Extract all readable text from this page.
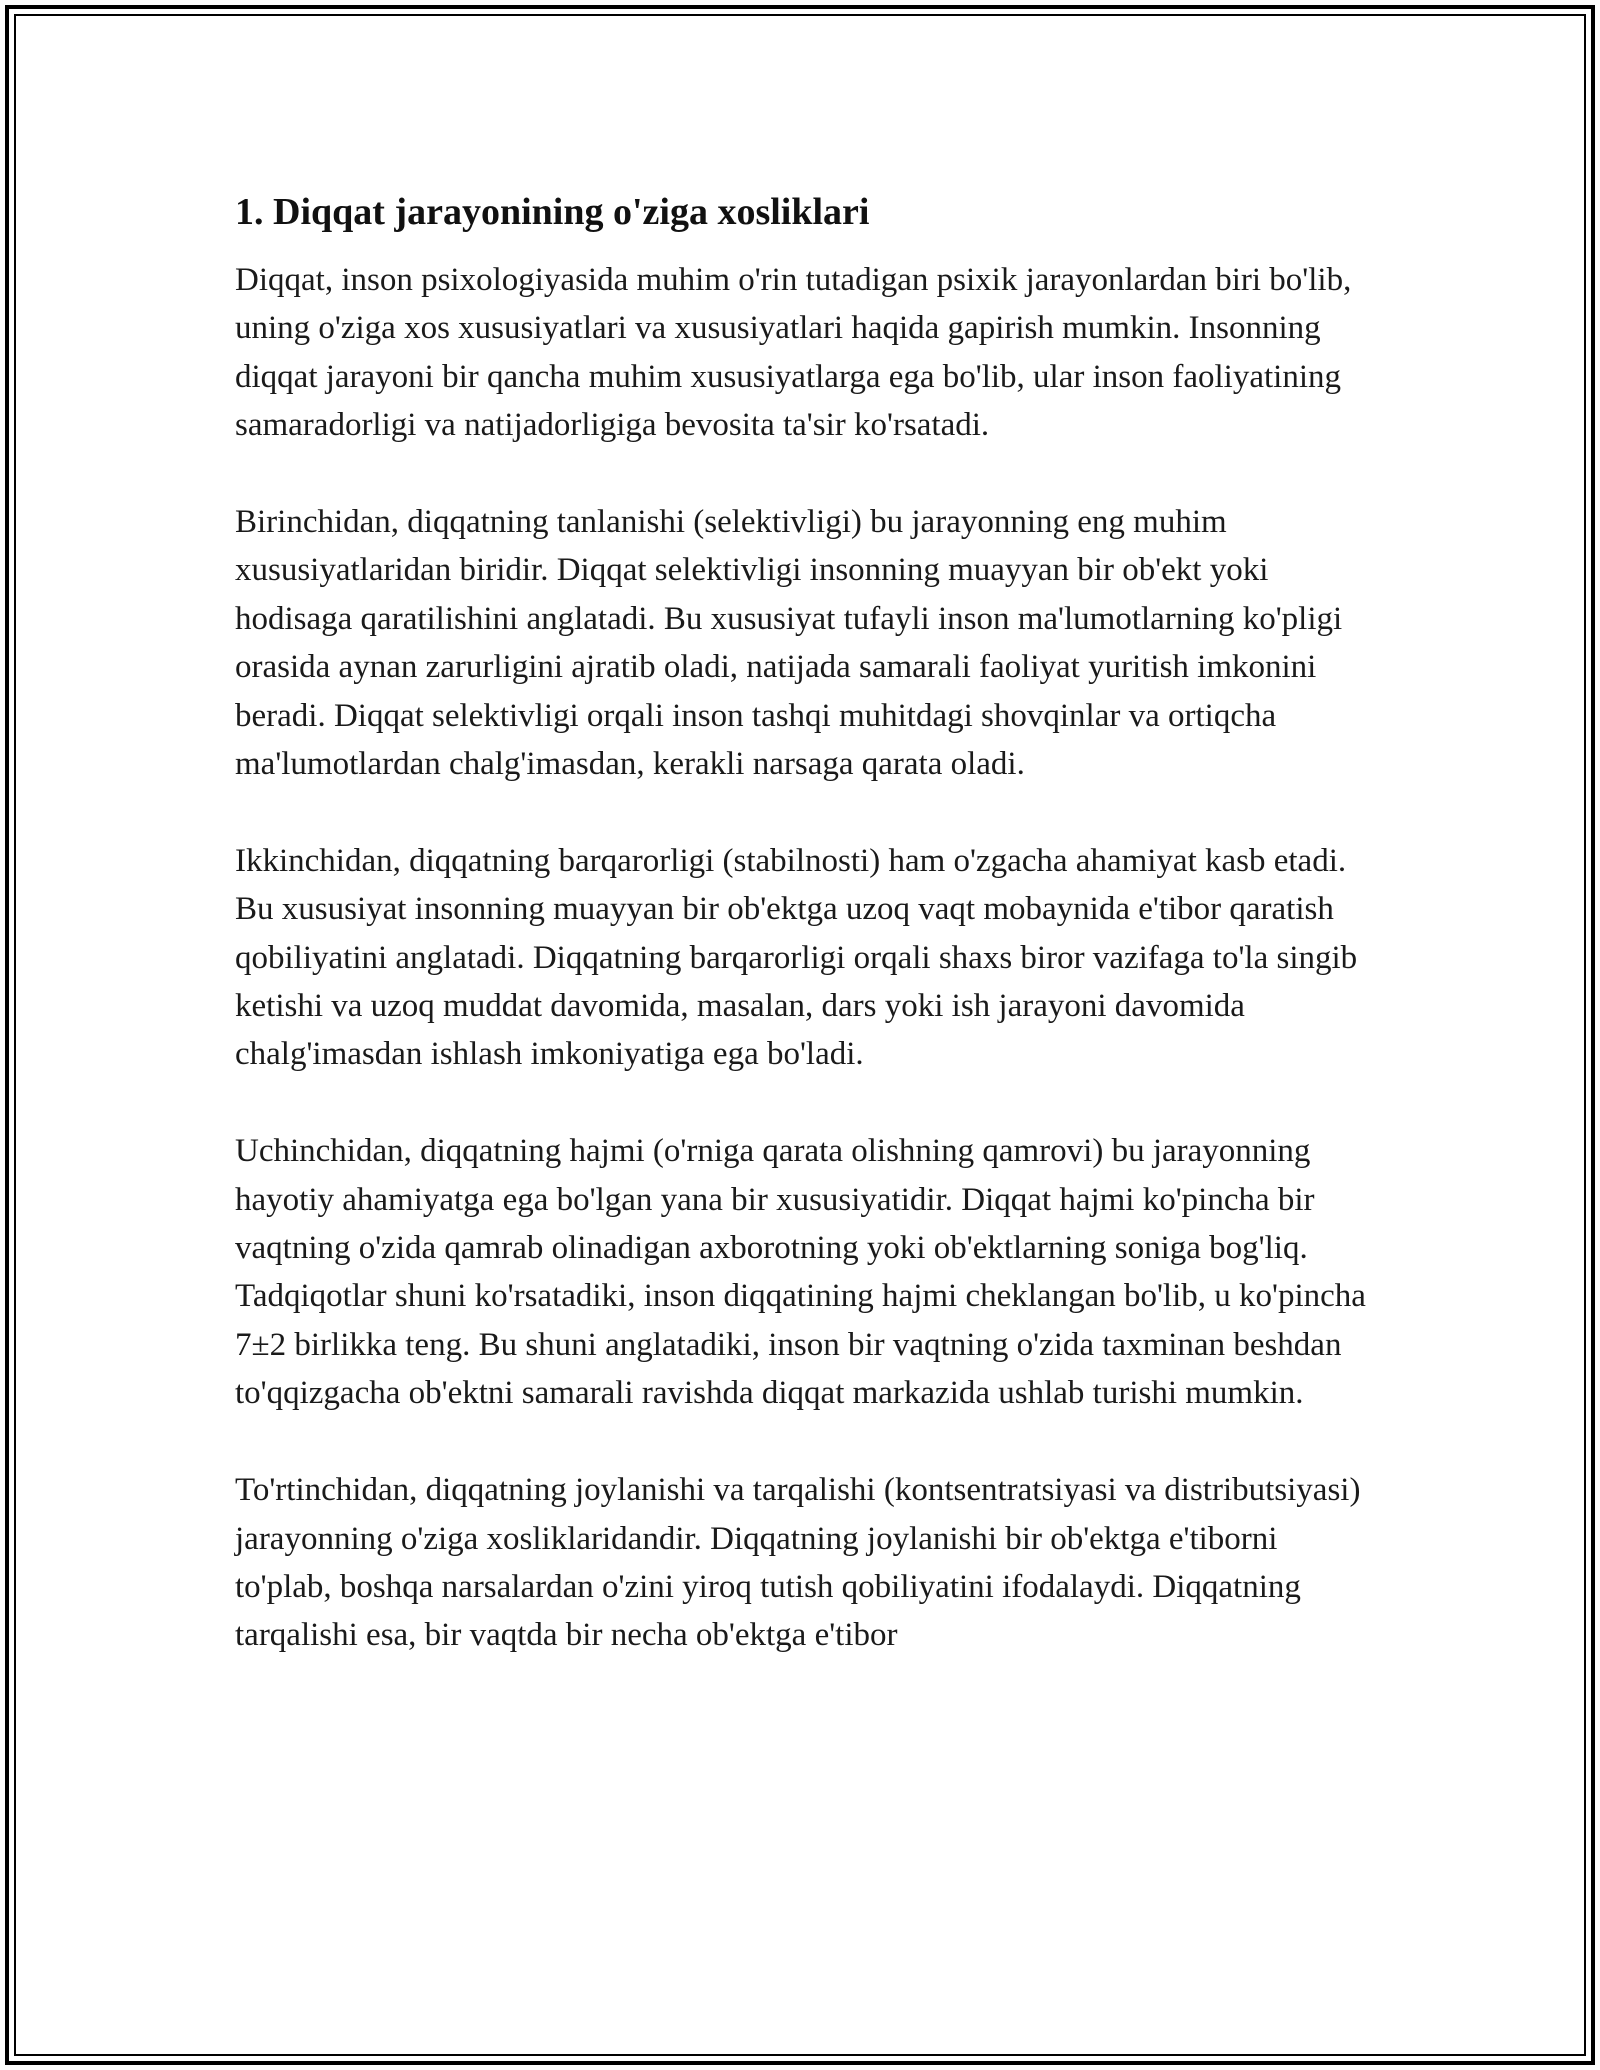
1. Diqqat jarayonining o'ziga xosliklari

Diqqat, inson psixologiyasida muhim o'rin tutadigan psixik jarayonlardan biri bo'lib, uning o'ziga xos xususiyatlari va xususiyatlari haqida gapirish mumkin. Insonning diqqat jarayoni bir qancha muhim xususiyatlarga ega bo'lib, ular inson faoliyatining samaradorligi va natijadorligiga bevosita ta'sir ko'rsatadi.

Birinchidan, diqqatning tanlanishi (selektivligi) bu jarayonning eng muhim xususiyatlaridan biridir. Diqqat selektivligi insonning muayyan bir ob'ekt yoki hodisaga qaratilishini anglatadi. Bu xususiyat tufayli inson ma'lumotlarning ko'pligi orasida aynan zarurligini ajratib oladi, natijada samarali faoliyat yuritish imkonini beradi. Diqqat selektivligi orqali inson tashqi muhitdagi shovqinlar va ortiqcha ma'lumotlardan chalg'imasdan, kerakli narsaga qarata oladi.

Ikkinchidan, diqqatning barqarorligi (stabilnosti) ham o'zgacha ahamiyat kasb etadi. Bu xususiyat insonning muayyan bir ob'ektga uzoq vaqt mobaynida e'tibor qaratish qobiliyatini anglatadi. Diqqatning barqarorligi orqali shaxs biror vazifaga to'la singib ketishi va uzoq muddat davomida, masalan, dars yoki ish jarayoni davomida chalg'imasdan ishlash imkoniyatiga ega bo'ladi.

Uchinchidan, diqqatning hajmi (o'rniga qarata olishning qamrovi) bu jarayonning hayotiy ahamiyatga ega bo'lgan yana bir xususiyatidir. Diqqat hajmi ko'pincha bir vaqtning o'zida qamrab olinadigan axborotning yoki ob'ektlarning soniga bog'liq. Tadqiqotlar shuni ko'rsatadiki, inson diqqatining hajmi cheklangan bo'lib, u ko'pincha 7±2 birlikka teng. Bu shuni anglatadiki, inson bir vaqtning o'zida taxminan beshdan to'qqizgacha ob'ektni samarali ravishda diqqat markazida ushlab turishi mumkin.

To'rtinchidan, diqqatning joylanishi va tarqalishi (kontsentratsiyasi va distributsiyasi) jarayonning o'ziga xosliklaridandir. Diqqatning joylanishi bir ob'ektga e'tiborni to'plab, boshqa narsalardan o'zini yiroq tutish qobiliyatini ifodalaydi. Diqqatning tarqalishi esa, bir vaqtda bir necha ob'ektga e'tibor
